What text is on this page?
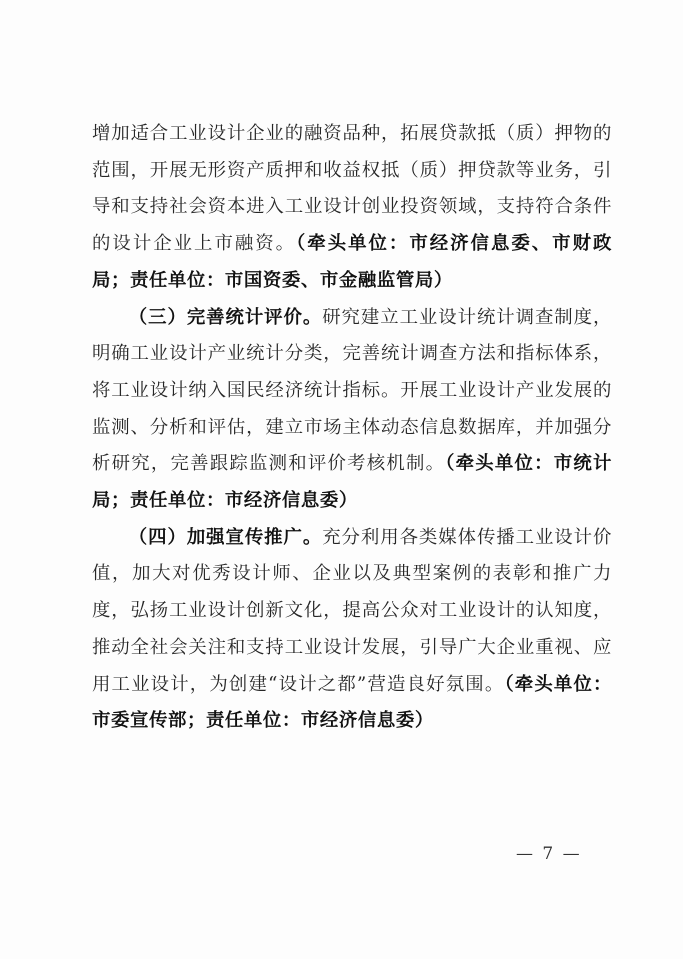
增加适合工业设计企业的融资品种，拓展贷款抵（质）押物的范围，开展无形资产质押和收益权抵（质）押贷款等业务，引导和支持社会资本进入工业设计创业投资领域，支持符合条件的设计企业上市融资。（牵头单位：市经济信息委、市财政局；责任单位：市国资委、市金融监管局）

（三）完善统计评价。研究建立工业设计统计调查制度，明确工业设计产业统计分类，完善统计调查方法和指标体系，将工业设计纳入国民经济统计指标。开展工业设计产业发展的监测、分析和评估，建立市场主体动态信息数据库，并加强分析研究，完善跟踪监测和评价考核机制。（牵头单位：市统计局；责任单位：市经济信息委）

（四）加强宣传推广。充分利用各类媒体传播工业设计价值，加大对优秀设计师、企业以及典型案例的表彰和推广力度，弘扬工业设计创新文化，提高公众对工业设计的认知度，推动全社会关注和支持工业设计发展，引导广大企业重视、应用工业设计，为创建“设计之都”营造良好氛围。（牵头单位：市委宣传部；责任单位：市经济信息委）

— 7 —
